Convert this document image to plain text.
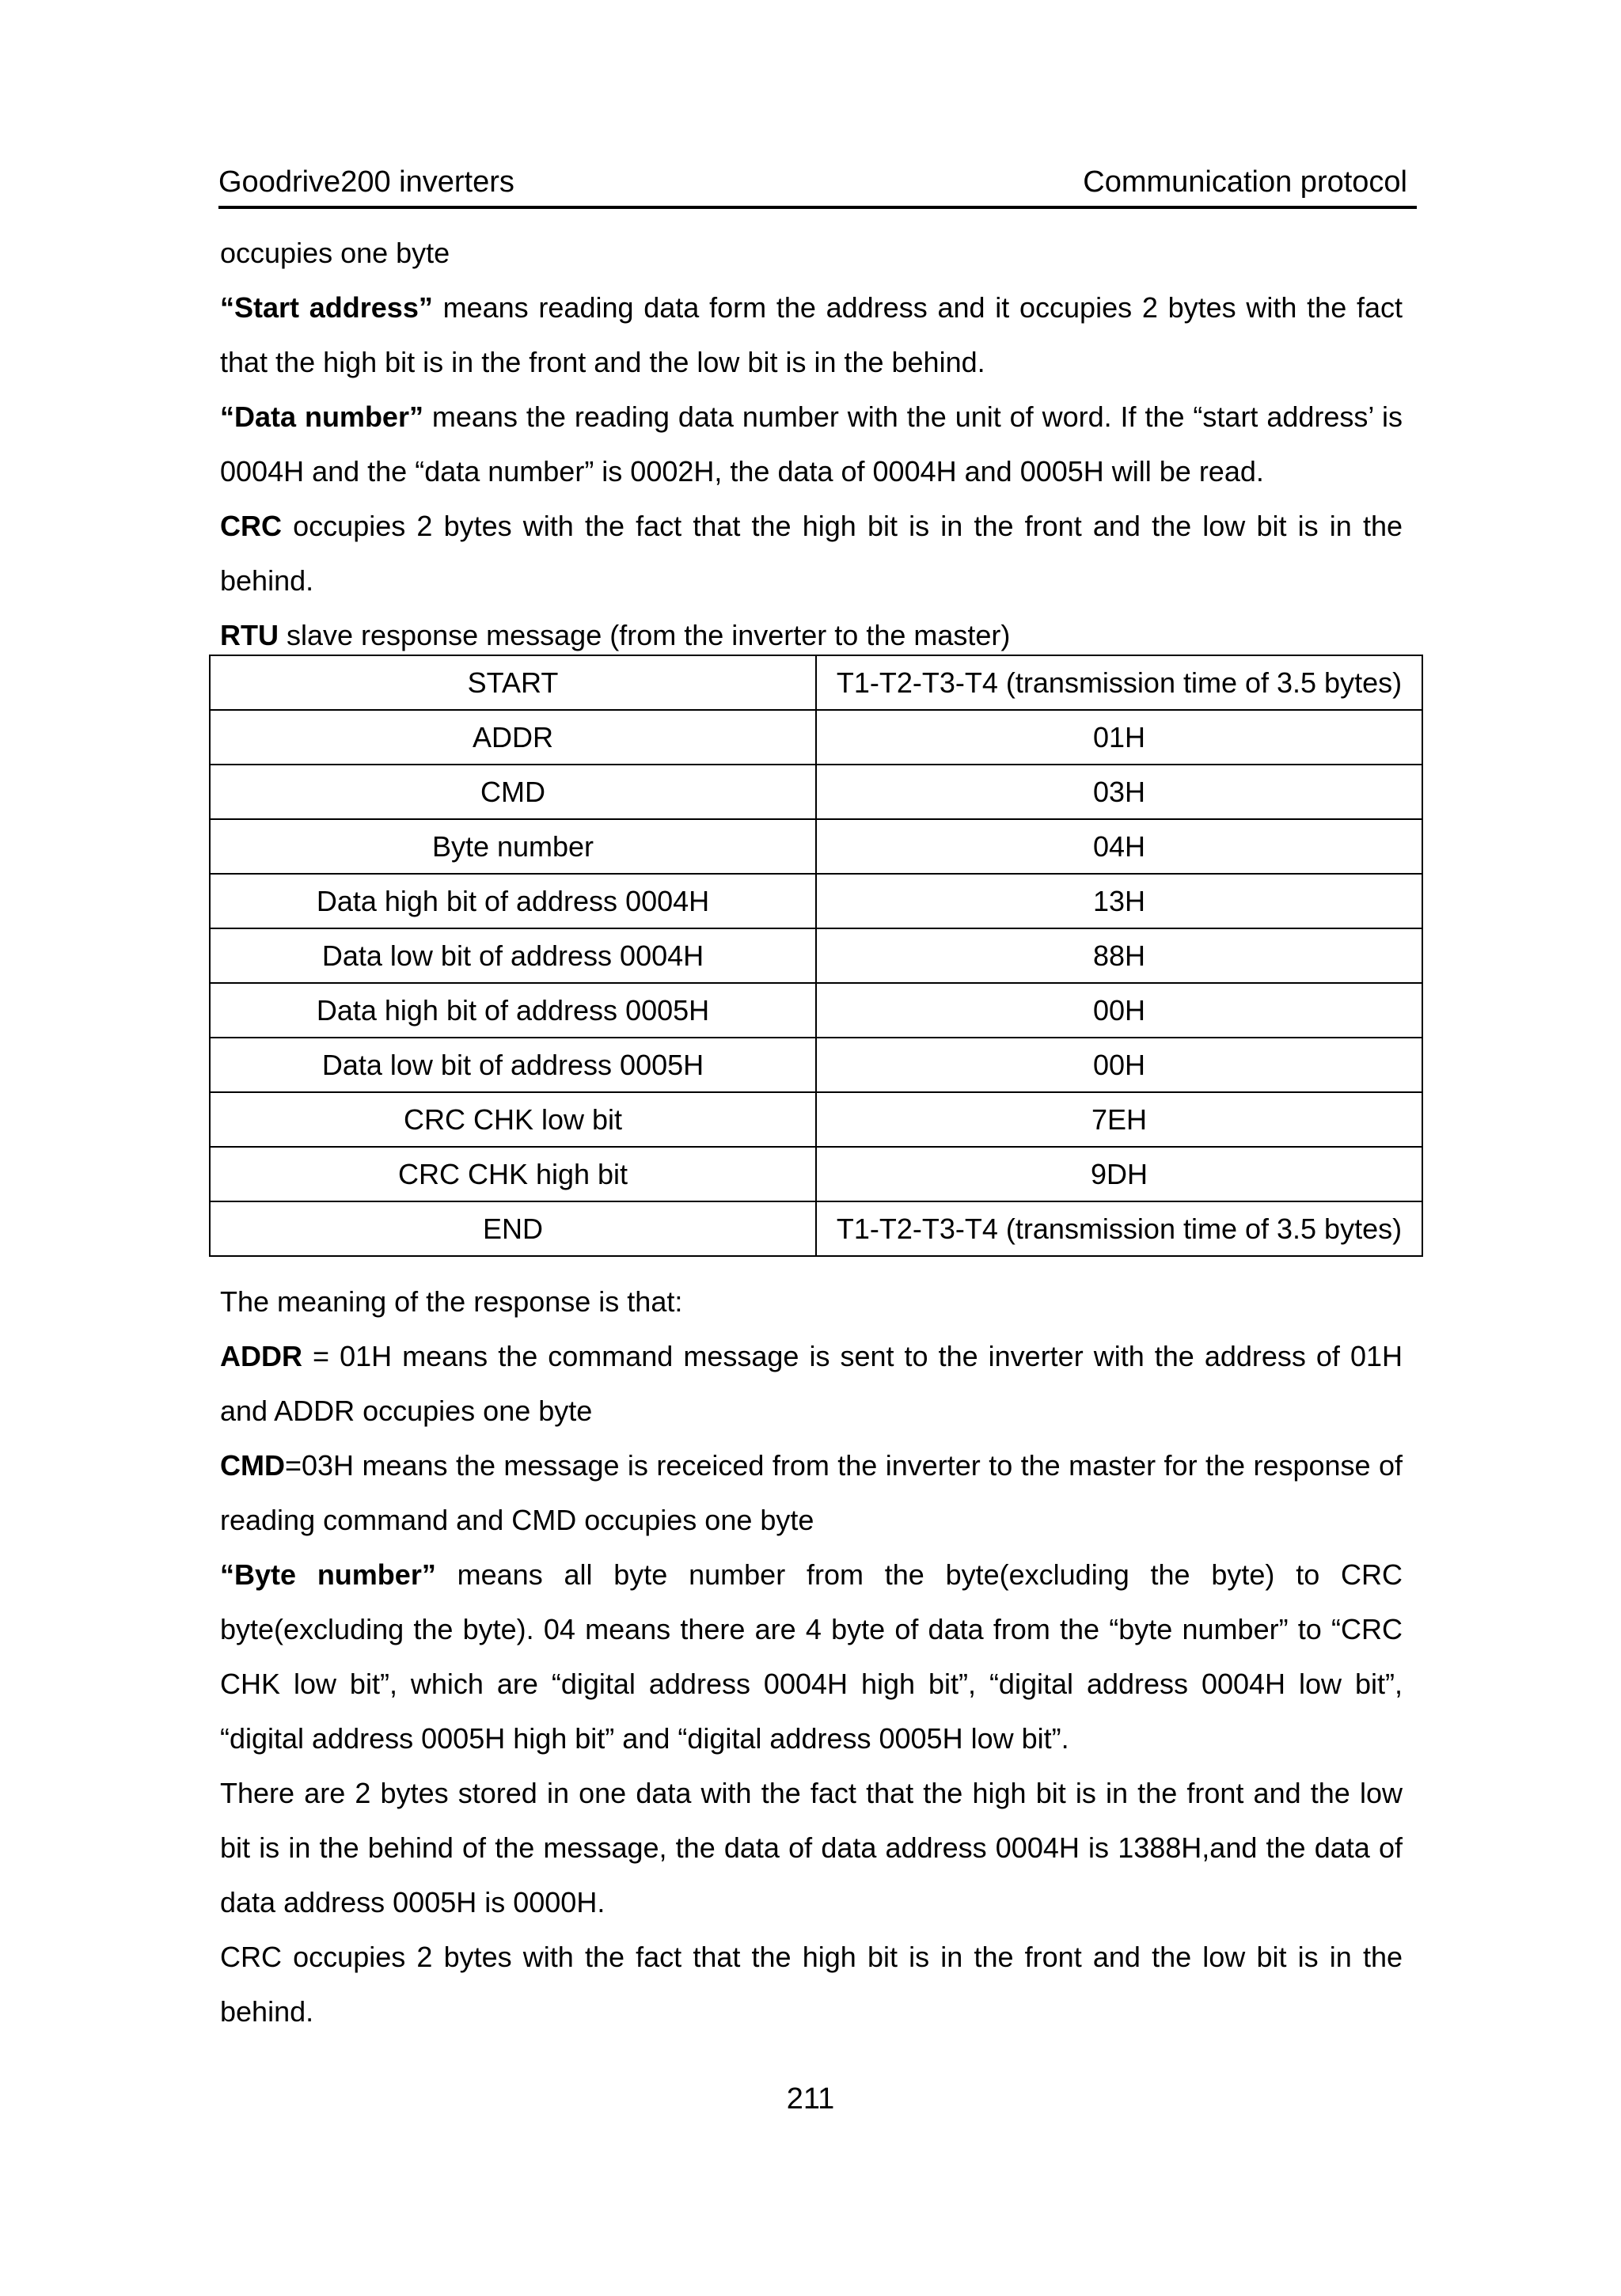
Goodrive200 inverters	Communication protocol

occupies one byte

“Start address” means reading data form the address and it occupies 2 bytes with the fact that the high bit is in the front and the low bit is in the behind.

“Data number” means the reading data number with the unit of word. If the “start address’ is 0004H and the “data number” is 0002H, the data of 0004H and 0005H will be read.

CRC occupies 2 bytes with the fact that the high bit is in the front and the low bit is in the behind.

RTU slave response message (from the inverter to the master)

START	T1-T2-T3-T4 (transmission time of 3.5 bytes)
ADDR	01H
CMD	03H
Byte number	04H
Data high bit of address 0004H	13H
Data low bit of address 0004H	88H
Data high bit of address 0005H	00H
Data low bit of address 0005H	00H
CRC CHK low bit	7EH
CRC CHK high bit	9DH
END	T1-T2-T3-T4 (transmission time of 3.5 bytes)

The meaning of the response is that:

ADDR = 01H means the command message is sent to the inverter with the address of 01H and ADDR occupies one byte

CMD=03H means the message is receiced from the inverter to the master for the response of reading command and CMD occupies one byte

“Byte number” means all byte number from the byte(excluding the byte) to CRC byte(excluding the byte). 04 means there are 4 byte of data from the “byte number” to “CRC CHK low bit”, which are “digital address 0004H high bit”, “digital address 0004H low bit”, “digital address 0005H high bit” and “digital address 0005H low bit”.

There are 2 bytes stored in one data with the fact that the high bit is in the front and the low bit is in the behind of the message, the data of data address 0004H is 1388H,and the data of data address 0005H is 0000H.

CRC occupies 2 bytes with the fact that the high bit is in the front and the low bit is in the behind.

211
